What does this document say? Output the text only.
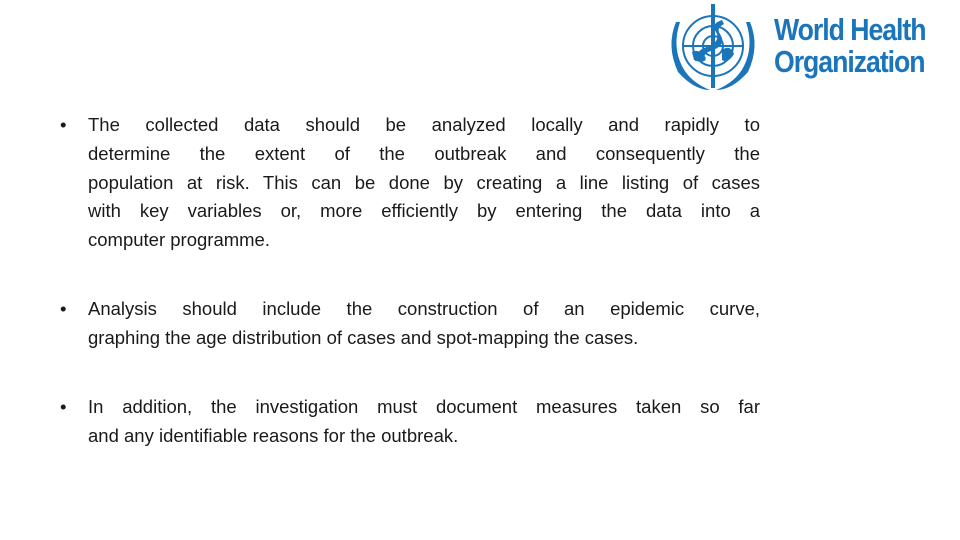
World Health
Organization
• The collected data should be analyzed locally and rapidly to
determine the extent of the outbreak and consequently the
population at risk. This can be done by creating a line listing of cases
with key variables or, more efficiently by entering the data into a
computer programme.
• Analysis should include the construction of an epidemic curve,
graphing the age distribution of cases and spot-mapping the cases.
• In addition, the investigation must document measures taken so far
and any identifiable reasons for the outbreak.
